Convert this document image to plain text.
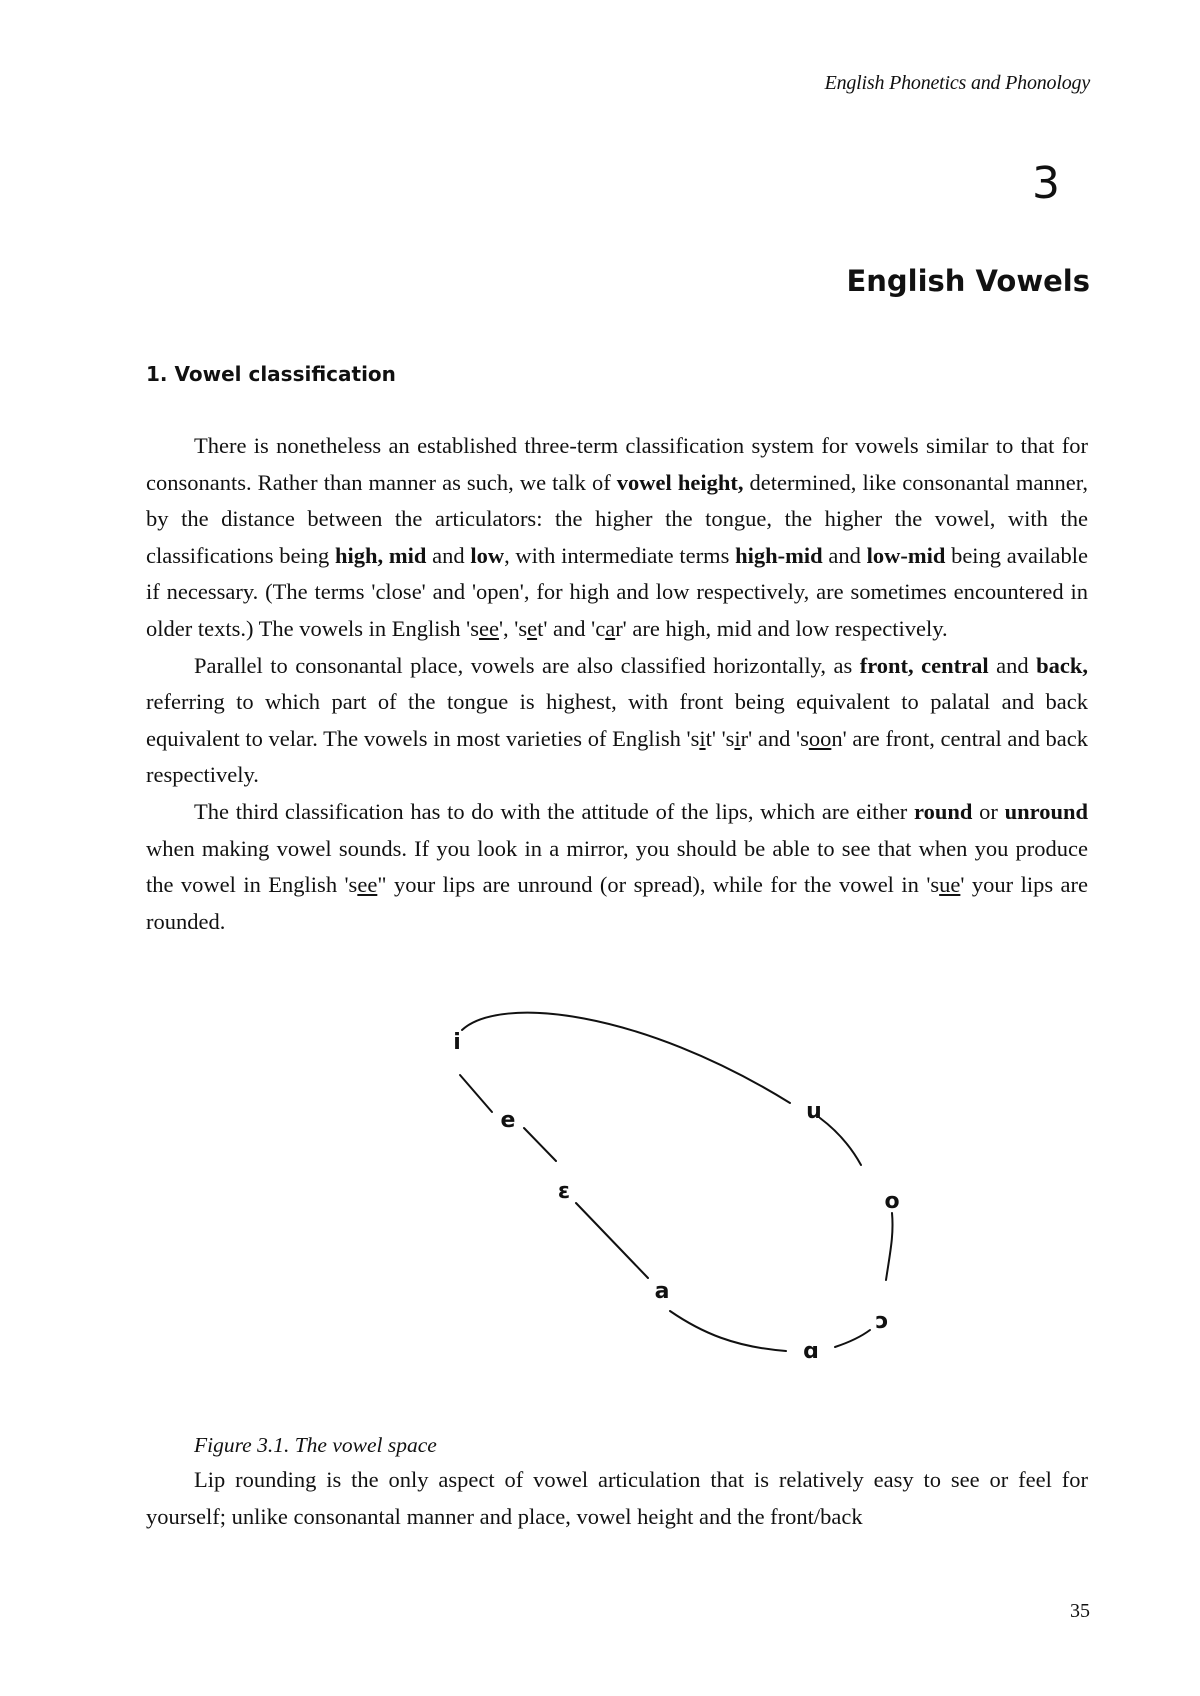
English Phonetics and Phonology
3
English Vowels
1. Vowel classification

There is nonetheless an established three-term classification system for vowels similar to that for consonants. Rather than manner as such, we talk of vowel height, determined, like consonantal manner, by the distance between the articulators: the higher the tongue, the higher the vowel, with the classifications being high, mid and low, with intermediate terms high-mid and low-mid being available if necessary. (The terms 'close' and 'open', for high and low respectively, are sometimes encountered in older texts.) The vowels in English 'see', 'set' and 'car' are high, mid and low respectively.

Parallel to consonantal place, vowels are also classified horizontally, as front, central and back, referring to which part of the tongue is highest, with front being equivalent to palatal and back equivalent to velar. The vowels in most varieties of English 'sit' 'sir' and 'soon' are front, central and back respectively.

The third classification has to do with the attitude of the lips, which are either round or unround when making vowel sounds. If you look in a mirror, you should be able to see that when you produce the vowel in English 'see" your lips are unround (or spread), while for the vowel in 'sue' your lips are rounded.

i
e
ɛ
a
ɑ
ɔ
o
u

Figure 3.1. The vowel space

Lip rounding is the only aspect of vowel articulation that is relatively easy to see or feel for yourself; unlike consonantal manner and place, vowel height and the front/back

35
